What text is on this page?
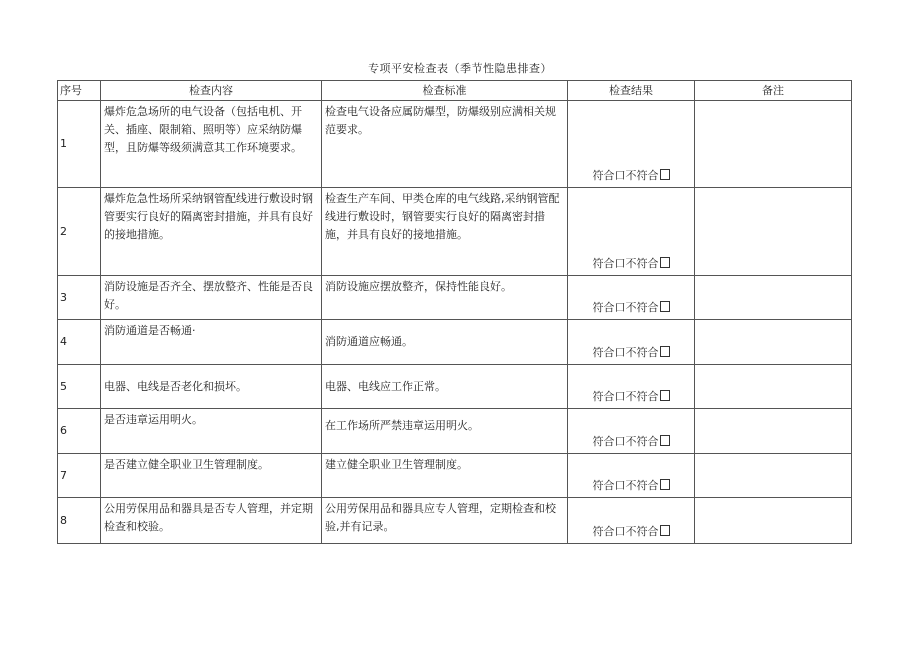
专项平安检查表（季节性隐患排查）
序号	检查内容	检查标准	检查结果	备注
1	爆炸危急场所的电气设备（包括电机、开关、插座、限制箱、照明等）应采纳防爆型，且防爆等级须满意其工作环境要求。	检查电气设备应属防爆型，防爆级别应满相关规范要求。	符合口不符合	
2	爆炸危急性场所采纳钢管配线进行敷设时钢管要实行良好的隔离密封措施，并具有良好的接地措施。	检查生产车间、甲类仓库的电气线路,采纳钢管配线进行敷设时，钢管要实行良好的隔离密封措施，并具有良好的接地措施。	符合口不符合	
3	消防设施是否齐全、摆放整齐、性能是否良好。	消防设施应摆放整齐，保持性能良好。	符合口不符合	
4	消防通道是否畅通·	消防通道应畅通。	符合口不符合	
5	电器、电线是否老化和损坏。	电器、电线应工作正常。	符合口不符合	
6	是否违章运用明火。	在工作场所严禁违章运用明火。	符合口不符合	
7	是否建立健全职业卫生管理制度。	建立健全职业卫生管理制度。	符合口不符合	
8	公用劳保用品和器具是否专人管理，并定期检查和校验。	公用劳保用品和器具应专人管理，定期检查和校验,并有记录。	符合口不符合	
